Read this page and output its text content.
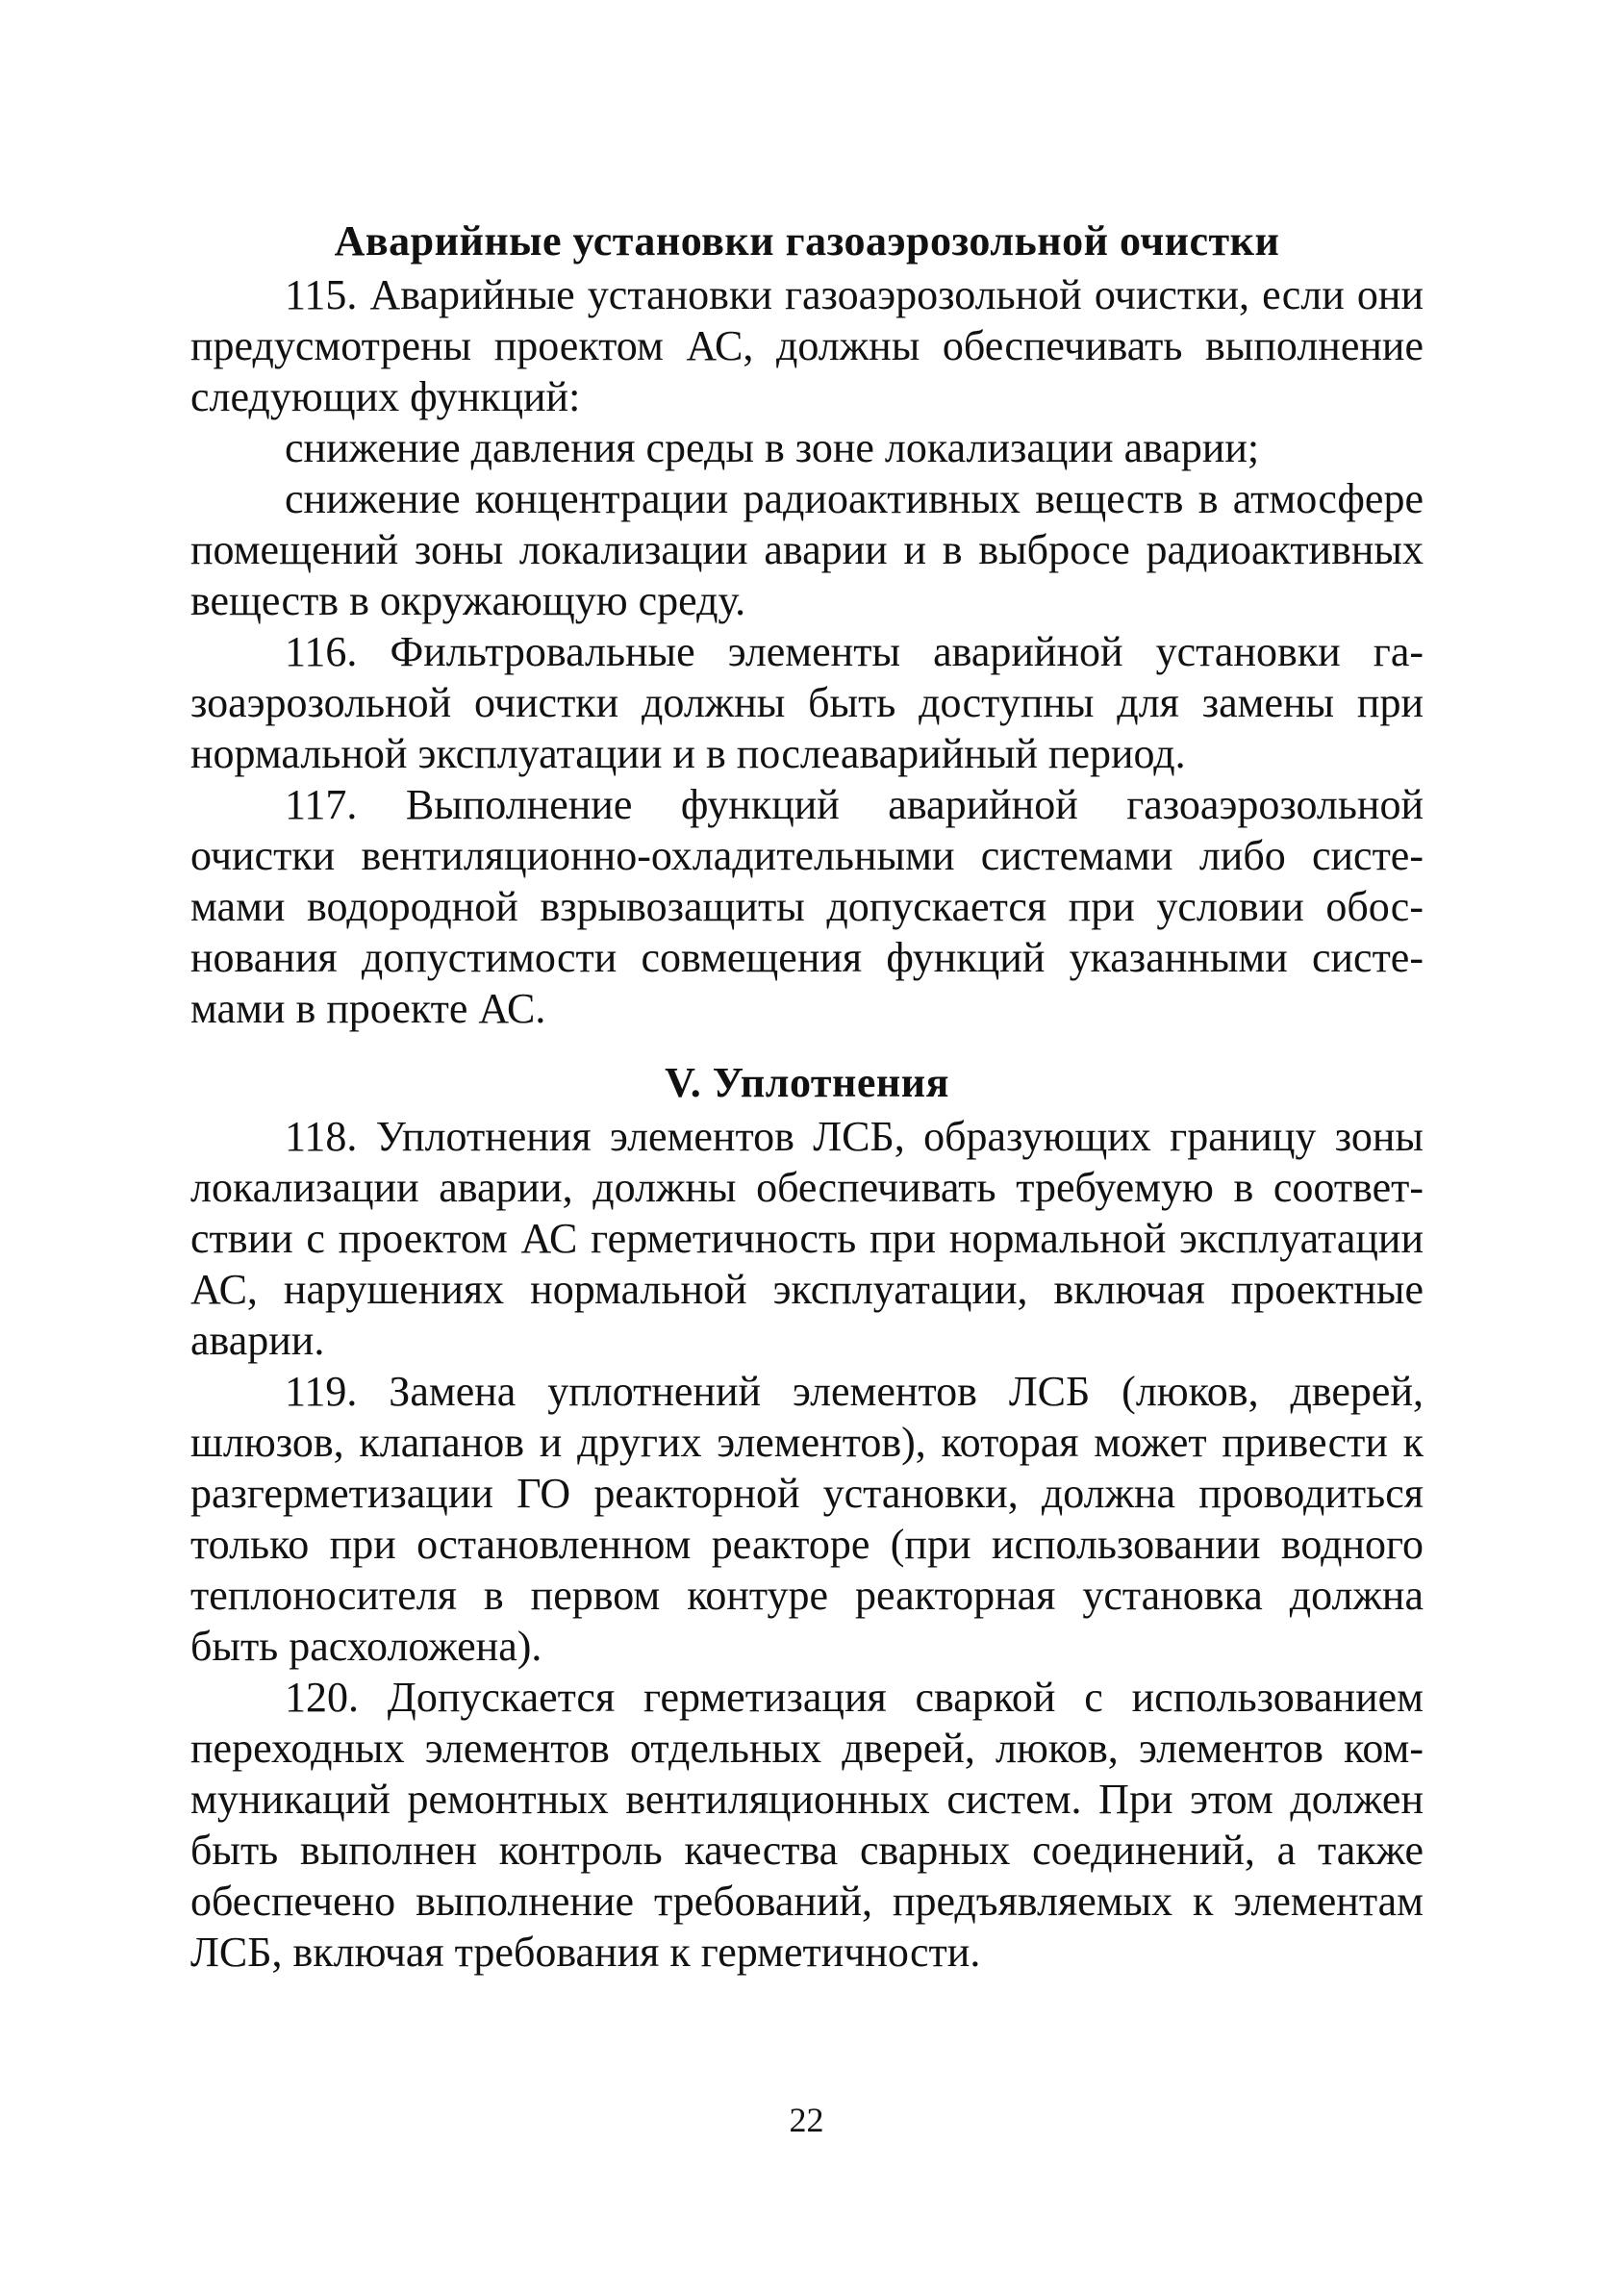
Аварийные установки газоаэрозольной очистки

115. Аварийные установки газоаэрозольной очистки, если они предусмотрены проектом АС, должны обеспечивать выполнение следующих функций:

снижение давления среды в зоне локализации аварии;

снижение концентрации радиоактивных веществ в атмосфере помещений зоны локализации аварии и в выбросе радиоактивных веществ в окружающую среду.

116. Фильтровальные элементы аварийной установки газоаэрозольной очистки должны быть доступны для замены при нормальной эксплуатации и в послеаварийный период.

117. Выполнение функций аварийной газоаэрозольной очистки вентиляционно-охладительными системами либо системами водородной взрывозащиты допускается при условии обоснования допустимости совмещения функций указанными системами в проекте АС.

V. Уплотнения

118. Уплотнения элементов ЛСБ, образующих границу зоны локализации аварии, должны обеспечивать требуемую в соответствии с проектом АС герметичность при нормальной эксплуатации АС, нарушениях нормальной эксплуатации, включая проектные аварии.

119. Замена уплотнений элементов ЛСБ (люков, дверей, шлюзов, клапанов и других элементов), которая может привести к разгерметизации ГО реакторной установки, должна проводиться только при остановленном реакторе (при использовании водного теплоносителя в первом контуре реакторная установка должна быть расхоложена).

120. Допускается герметизация сваркой с использованием переходных элементов отдельных дверей, люков, элементов коммуникаций ремонтных вентиляционных систем. При этом должен быть выполнен контроль качества сварных соединений, а также обеспечено выполнение требований, предъявляемых к элементам ЛСБ, включая требования к герметичности.

22
